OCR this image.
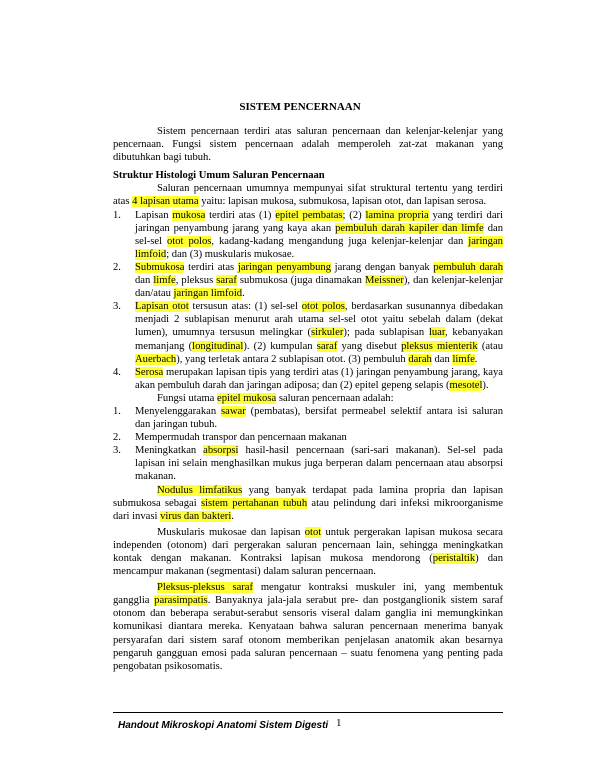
SISTEM PENCERNAAN

Sistem pencernaan terdiri atas saluran pencernaan dan kelenjar-kelenjar yang pencernaan. Fungsi sistem pencernaan adalah memperoleh zat-zat makanan yang dibutuhkan bagi tubuh.

Struktur Histologi Umum Saluran Pencernaan

Saluran pencernaan umumnya mempunyai sifat struktural tertentu yang terdiri atas 4 lapisan utama yaitu: lapisan mukosa, submukosa, lapisan otot, dan lapisan serosa.

1. Lapisan mukosa terdiri atas (1) epitel pembatas; (2) lamina propria yang terdiri dari jaringan penyambung jarang yang kaya akan pembuluh darah kapiler dan limfe dan sel-sel otot polos, kadang-kadang mengandung juga kelenjar-kelenjar dan jaringan limfoid; dan (3) muskularis mukosae.
2. Submukosa terdiri atas jaringan penyambung jarang dengan banyak pembuluh darah dan limfe, pleksus saraf submukosa (juga dinamakan Meissner), dan kelenjar-kelenjar dan/atau jaringan limfoid.
3. Lapisan otot tersusun atas: (1) sel-sel otot polos, berdasarkan susunannya dibedakan menjadi 2 sublapisan menurut arah utama sel-sel otot yaitu sebelah dalam (dekat lumen), umumnya tersusun melingkar (sirkuler); pada sublapisan luar, kebanyakan memanjang (longitudinal). (2) kumpulan saraf yang disebut pleksus mienterik (atau Auerbach), yang terletak antara 2 sublapisan otot. (3) pembuluh darah dan limfe.
4. Serosa merupakan lapisan tipis yang terdiri atas (1) jaringan penyambung jarang, kaya akan pembuluh darah dan jaringan adiposa; dan (2) epitel gepeng selapis (mesotel).

Fungsi utama epitel mukosa saluran pencernaan adalah:

1. Menyelenggarakan sawar (pembatas), bersifat permeabel selektif antara isi saluran dan jaringan tubuh.
2. Mempermudah transpor dan pencernaan makanan
3. Meningkatkan absorpsi hasil-hasil pencernaan (sari-sari makanan). Sel-sel pada lapisan ini selain menghasilkan mukus juga berperan dalam pencernaan atau absorpsi makanan.

Nodulus limfatikus yang banyak terdapat pada lamina propria dan lapisan submukosa sebagai sistem pertahanan tubuh atau pelindung dari infeksi mikroorganisme dari invasi virus dan bakteri.

Muskularis mukosae dan lapisan otot untuk pergerakan lapisan mukosa secara independen (otonom) dari pergerakan saluran pencernaan lain, sehingga meningkatkan kontak dengan makanan. Kontraksi lapisan mukosa mendorong (peristaltik) dan mencampur makanan (segmentasi) dalam saluran pencernaan.

Pleksus-pleksus saraf mengatur kontraksi muskuler ini, yang membentuk gangglia parasimpatis. Banyaknya jala-jala serabut pre- dan postganglionik sistem saraf otonom dan beberapa serabut-serabut sensoris viseral dalam ganglia ini memungkinkan komunikasi diantara mereka. Kenyataan bahwa saluran pencernaan menerima banyak persyarafan dari sistem saraf otonom memberikan penjelasan anatomik akan besarnya pengaruh gangguan emosi pada saluran pencernaan – suatu fenomena yang penting pada pengobatan psikosomatis.

Handout Mikroskopi Anatomi Sistem Digesti 1
